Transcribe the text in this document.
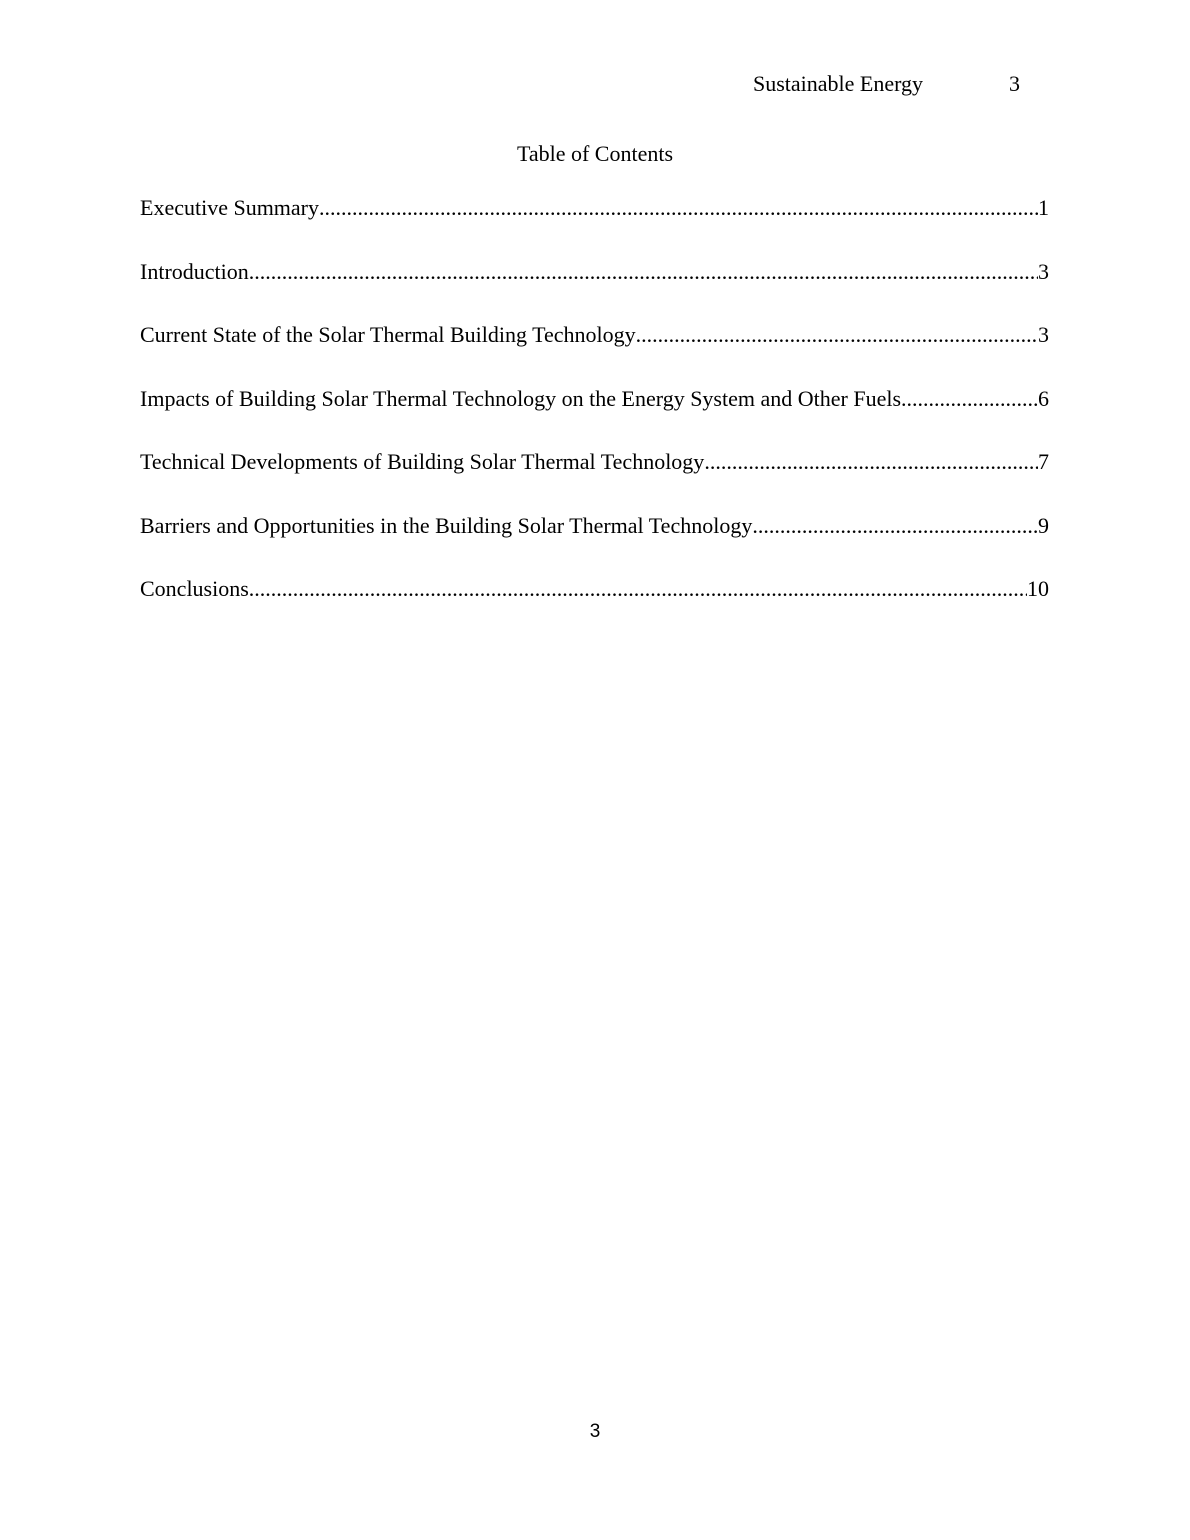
Sustainable Energy	3
Table of Contents
Executive Summary .....	1
Introduction .....	3
Current State of the Solar Thermal Building Technology .....	3
Impacts of Building Solar Thermal Technology on the Energy System and Other Fuels .....	6
Technical Developments of Building Solar Thermal Technology .....	7
Barriers and Opportunities in the Building Solar Thermal Technology .....	9
Conclusions .....	10
3
